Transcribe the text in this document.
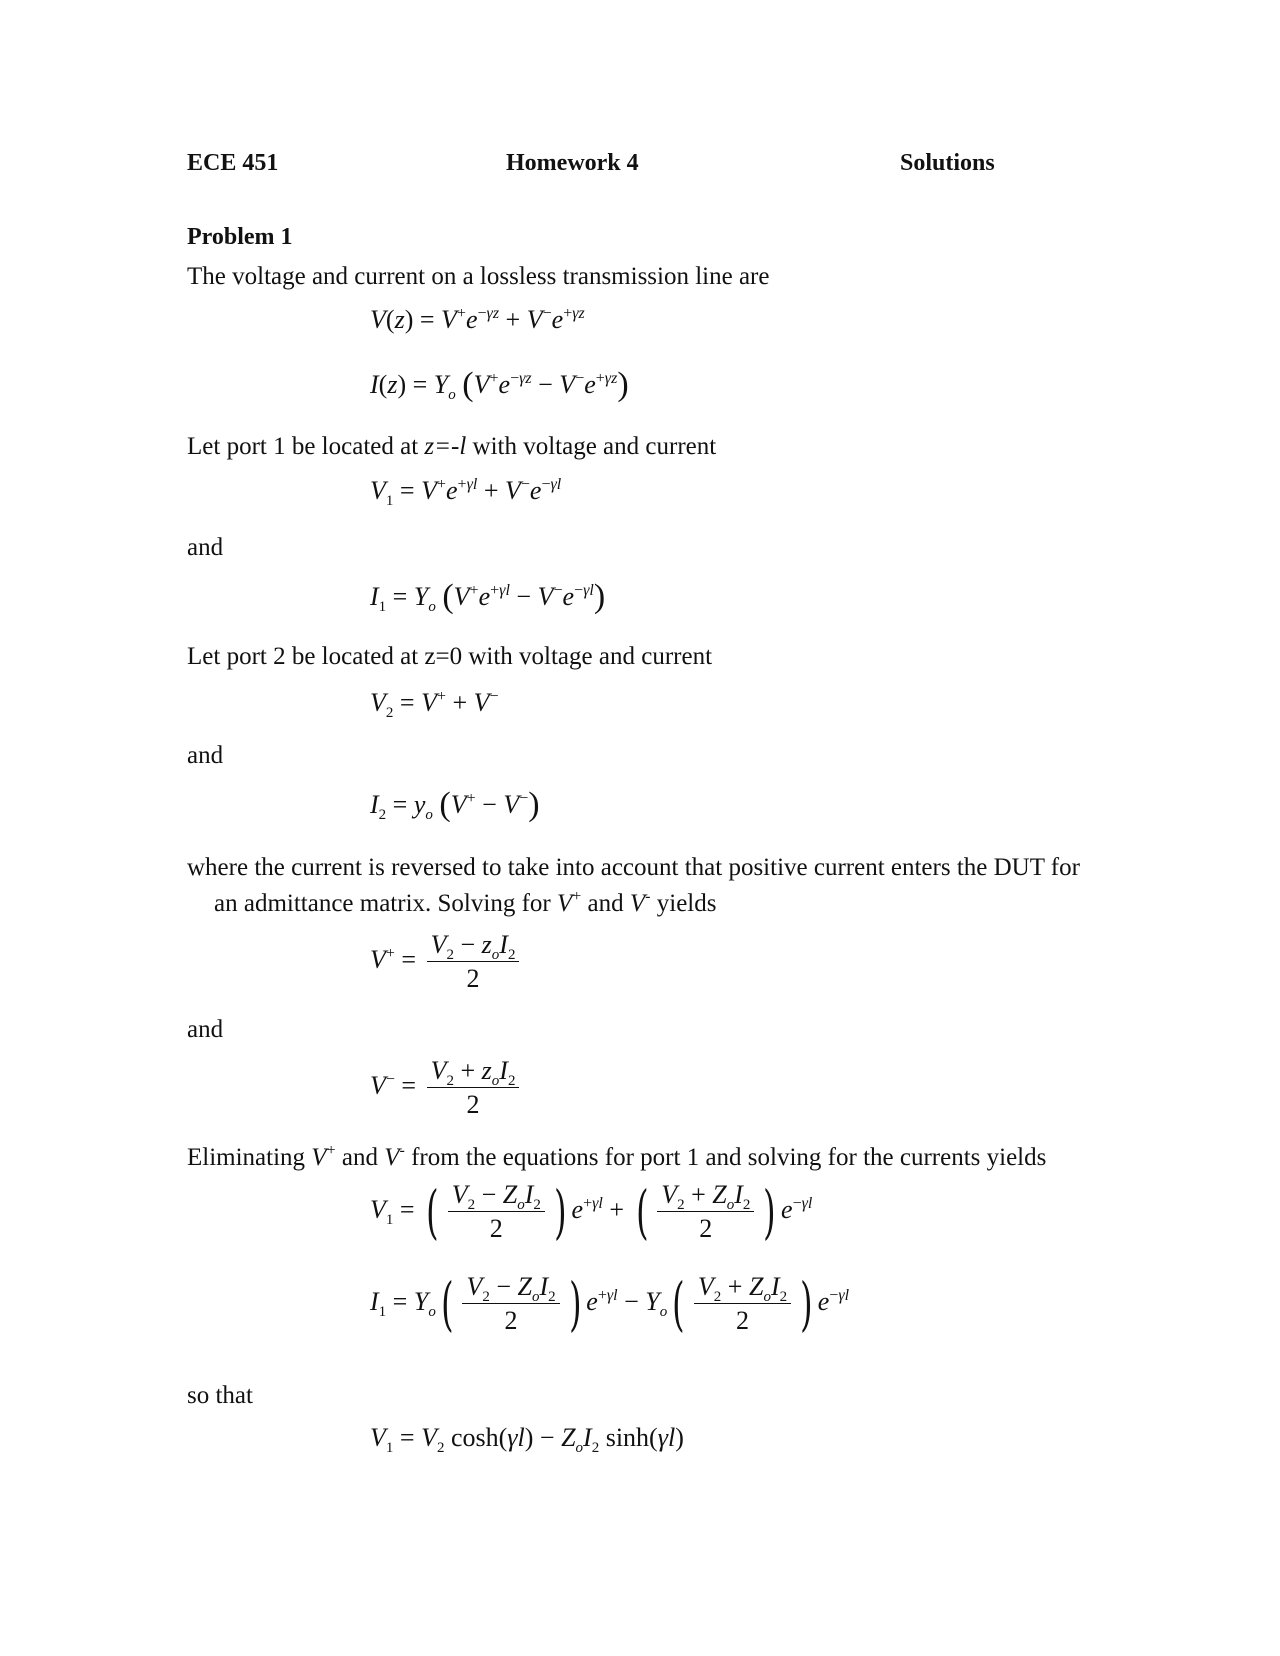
ECE 451	Homework 4	Solutions
Problem 1
The voltage and current on a lossless transmission line are
$V(z) = V^+e^{-\gamma z} + V^-e^{+\gamma z}$
$I(z) = Y_o$ $(V^+e^{-\gamma z} - V^-e^{+\gamma z})$
Let port 1 be located at z=-l with voltage and current
$V_1 = V^+e^{+\gamma l} + V^-e^{-\gamma l}$
and
$I_1 = Y_o$ $(V^+e^{+\gamma l} - V^-e^{-\gamma l})$
Let port 2 be located at z=0 with voltage and current
$V_2 = V^+ + V^-$
and
$I_2 = y_o$ (V+ − V−)
where the current is reversed to take into account that positive current enters the DUT for
an admittance matrix. Solving for V+ and V- yields
$V^+ = \frac{V_2 - z_oI_2}{2}$
and
$V^- = \frac{V_2 + z_oI_2}{2}$
Eliminating V+ and V- from the equations for port 1 and solving for the currents yields
$V_1$ = ( $\frac{V_2 - Z_oI_2}{2}$ ) $e^{+\gamma l}$ + ( $\frac{V_2 + Z_oI_2}{2}$ ) $e^{-\gamma l}$
$I_1 = Y_o( \frac{V_2 - Z_oI_2}{2}$ ) $e^{+\gamma l} - Y_o( \frac{V_2 + Z_oI_2}{2}$ ) $e^{-\gamma l}$
so that
$V_1 = V_2$ $\cosh(\gamma l) - Z_oI_2$ sinh(γl)
